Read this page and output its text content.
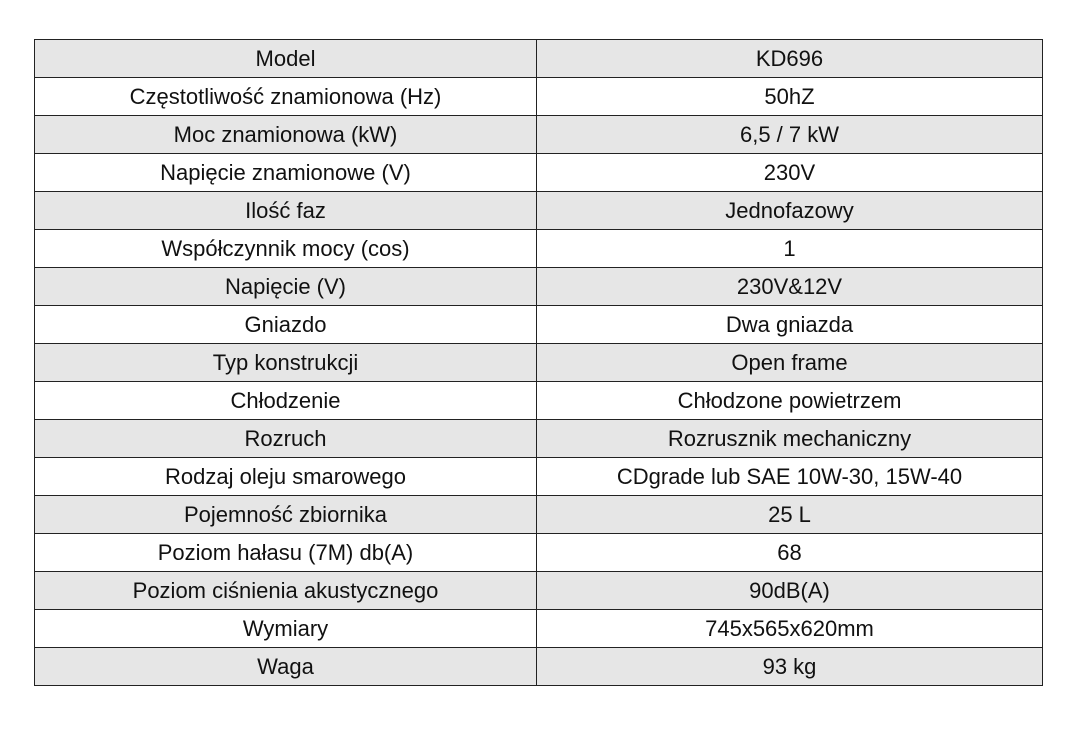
Model	KD696
Częstotliwość znamionowa (Hz)	50hZ
Moc znamionowa (kW)	6,5 / 7 kW
Napięcie znamionowe (V)	230V
Ilość faz	Jednofazowy
Współczynnik mocy (cos)	1
Napięcie (V)	230V&12V
Gniazdo	Dwa gniazda
Typ konstrukcji	Open frame
Chłodzenie	Chłodzone powietrzem
Rozruch	Rozrusznik mechaniczny
Rodzaj oleju smarowego	CDgrade lub SAE 10W-30, 15W-40
Pojemność zbiornika	25 L
Poziom hałasu (7M) db(A)	68
Poziom ciśnienia akustycznego	90dB(A)
Wymiary	745x565x620mm
Waga	93 kg
